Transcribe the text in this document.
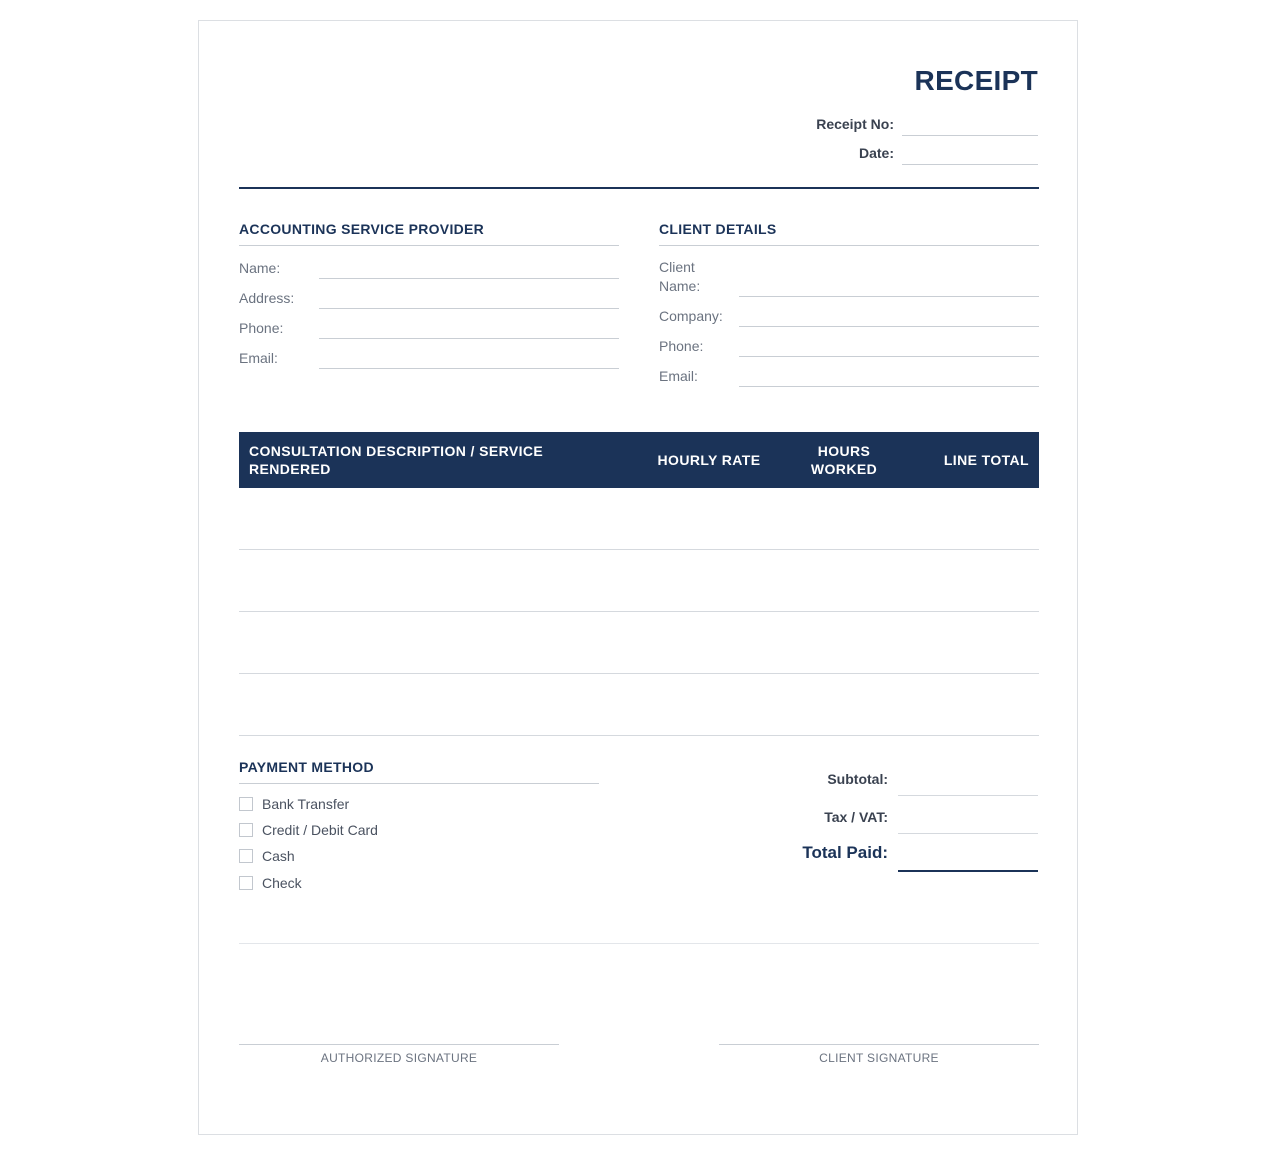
RECEIPT
Receipt No:
Date:
ACCOUNTING SERVICE PROVIDER
Name:
Address:
Phone:
Email:
CLIENT DETAILS
Client Name:
Company:
Phone:
Email:
CONSULTATION DESCRIPTION / SERVICE RENDERED	HOURLY RATE	HOURS WORKED	LINE TOTAL

PAYMENT METHOD
Bank Transfer
Credit / Debit Card
Cash
Check
Subtotal:
Tax / VAT:
Total Paid:
AUTHORIZED SIGNATURE	CLIENT SIGNATURE
